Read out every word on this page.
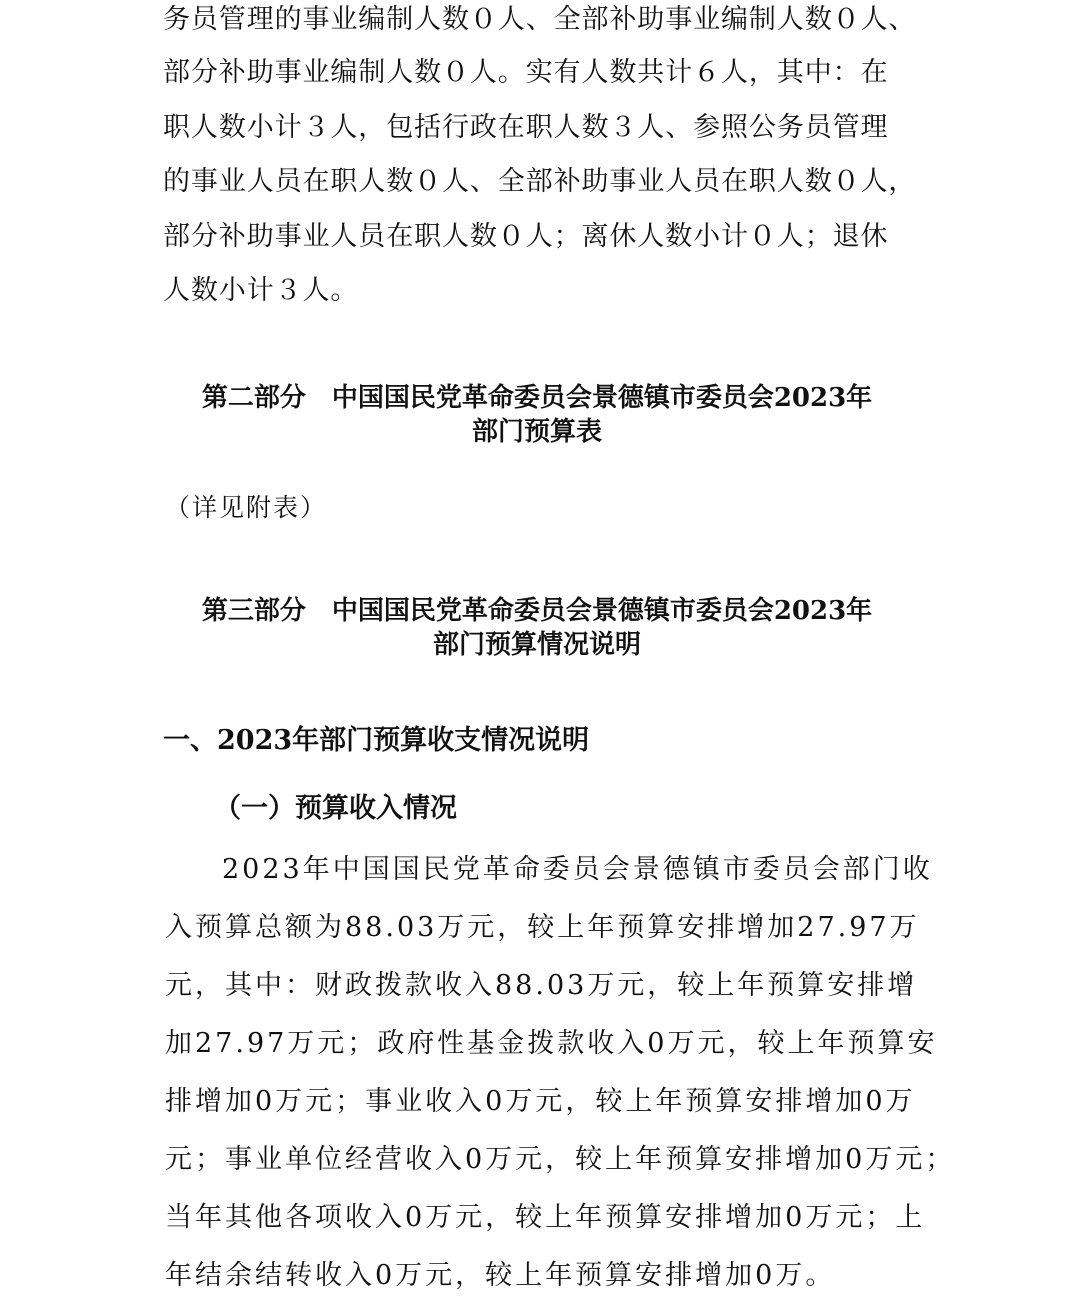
务员管理的事业编制人数０人、全部补助事业编制人数０人、
部分补助事业编制人数０人。实有人数共计６人，其中：在
职人数小计３人，包括行政在职人数３人、参照公务员管理
的事业人员在职人数０人、全部补助事业人员在职人数０人，
部分补助事业人员在职人数０人；离休人数小计０人；退休
人数小计３人。
第二部分　中国国民党革命委员会景德镇市委员会2023年
部门预算表
（详见附表）
第三部分　中国国民党革命委员会景德镇市委员会2023年
部门预算情况说明
一、2023年部门预算收支情况说明
（一）预算收入情况
2023年中国国民党革命委员会景德镇市委员会部门收
入预算总额为88.03万元，较上年预算安排增加27.97万
元，其中：财政拨款收入88.03万元，较上年预算安排增
加27.97万元；政府性基金拨款收入0万元，较上年预算安
排增加0万元；事业收入0万元，较上年预算安排增加0万
元；事业单位经营收入0万元，较上年预算安排增加0万元；
当年其他各项收入0万元，较上年预算安排增加0万元；上
年结余结转收入0万元，较上年预算安排增加0万。
